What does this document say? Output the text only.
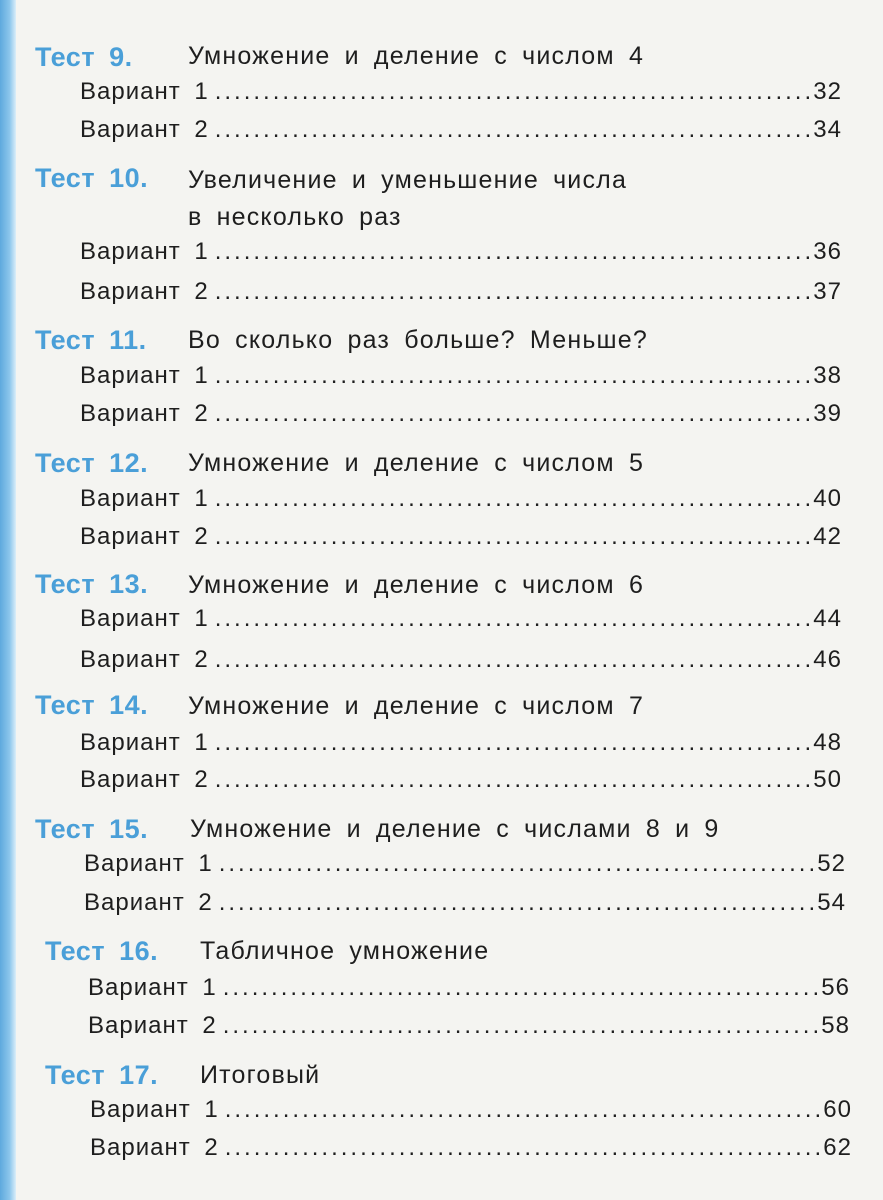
Тест 9. Умножение и деление с числом 4
Вариант 1 .....	32
Вариант 2 .....	34
Тест 10. Увеличение и уменьшение числа
в несколько раз
Вариант 1 .....	36
Вариант 2 .....	37
Тест 11. Во сколько раз больше? Меньше?
Вариант 1 .....	38
Вариант 2 .....	39
Тест 12. Умножение и деление с числом 5
Вариант 1 .....	40
Вариант 2 .....	42
Тест 13. Умножение и деление с числом 6
Вариант 1 .....	44
Вариант 2 .....	46
Тест 14. Умножение и деление с числом 7
Вариант 1 .....	48
Вариант 2 .....	50
Тест 15. Умножение и деление с числами 8 и 9
Вариант 1 .....	52
Вариант 2 .....	54
Тест 16. Табличное умножение
Вариант 1 .....	56
Вариант 2 .....	58
Тест 17. Итоговый
Вариант 1 .....	60
Вариант 2 .....	62
